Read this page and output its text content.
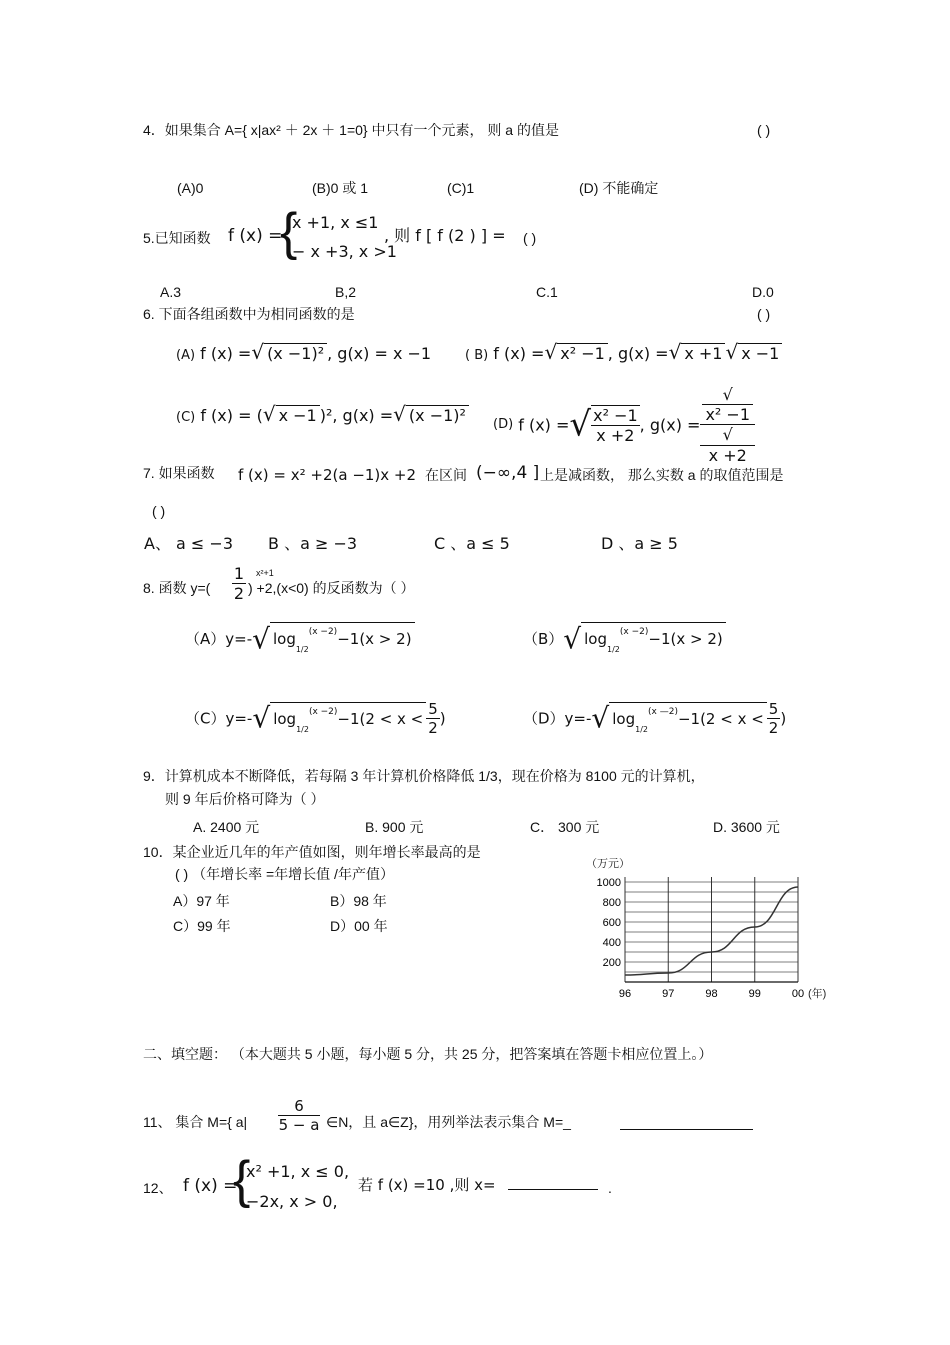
4．如果集合 A={ x|ax² ＋ 2x ＋ 1=0} 中只有一个元素， 则 a 的值是	( )
(A)0	(B)0 或 1	(C)1	(D) 不能确定
5.已知函数 f (x) =
{
x +1, x ≤1
− x +3, x >1
, 则 f [ f (2 ) ] = ( )
A.3	B,2	C.1	D.0
6. 下面各组函数中为相同函数的是	( )
(A) f (x) =√ (x −1)² , g(x) = x −1	( B) f (x) =√ x² −1 , g(x) =√ x +1 √ x −1
(C) f (x) = (√ x −1 )², g(x) =√ (x −1)² (D) f (x) =√ $\frac{\text{x² −1}}{x +2}$ , g(x) = √
x² −1
√
x +2
7. 如果函数 f (x) = x² +2(a −1)x +2 在区间 (−∞,4 ] 上是减函数， 那么实数 a 的取值范围是
( )
A、 a ≤ −3 B 、a ≥ −3	C 、a ≤ 5	D 、a ≥ 5
8. 函数 $y=( \frac{1}{2} x^2+1$
) +2,(x<0) 的反函数为（ ）
（A）y=-√ $\log_{1/2}^{(x -2)}-1(x > 2)$	（B）√ $\log_{1/2}^{(x -2)}-1(x > 2)$
（C）y=-√ $\log_{1/2}^{(x -2)}-1(2 < x < \frac{5}{2}$ )	（D）y=-√ $\log_{1/2}^{(x —2)}-1(2 < x < \frac{5}{2}$ )
9．计算机成本不断降低，若每隔 3 年计算机价格降低 1/3，现在价格为 8100 元的计算机，
则 9 年后价格可降为（ ）
A. 2400 元	B. 900 元	C． 300 元	D. 3600 元
10．某企业近几年的年产值如图，则年增长率最高的是
( ) （年增长率 =年增长值 /年产值）
A）97 年	B）98 年
C）99 年	D）00 年
1000
800
600
400
200
96	97	98	99	00
（万元）
(年)
二、填空题： （本大题共 5 小题，每小题 5 分，共 25 分，把答案填在答题卡相应位置上。）
11、 集合 M={ $a| \frac{6}{5 - a}$ ∈N，且 a∈Z}，用列举法表示集合 M=_
12、 f (x) =
{
x² +1, x ≤ 0,
−2x, x > 0,
若 f (x) =10 ,则 x=	.
